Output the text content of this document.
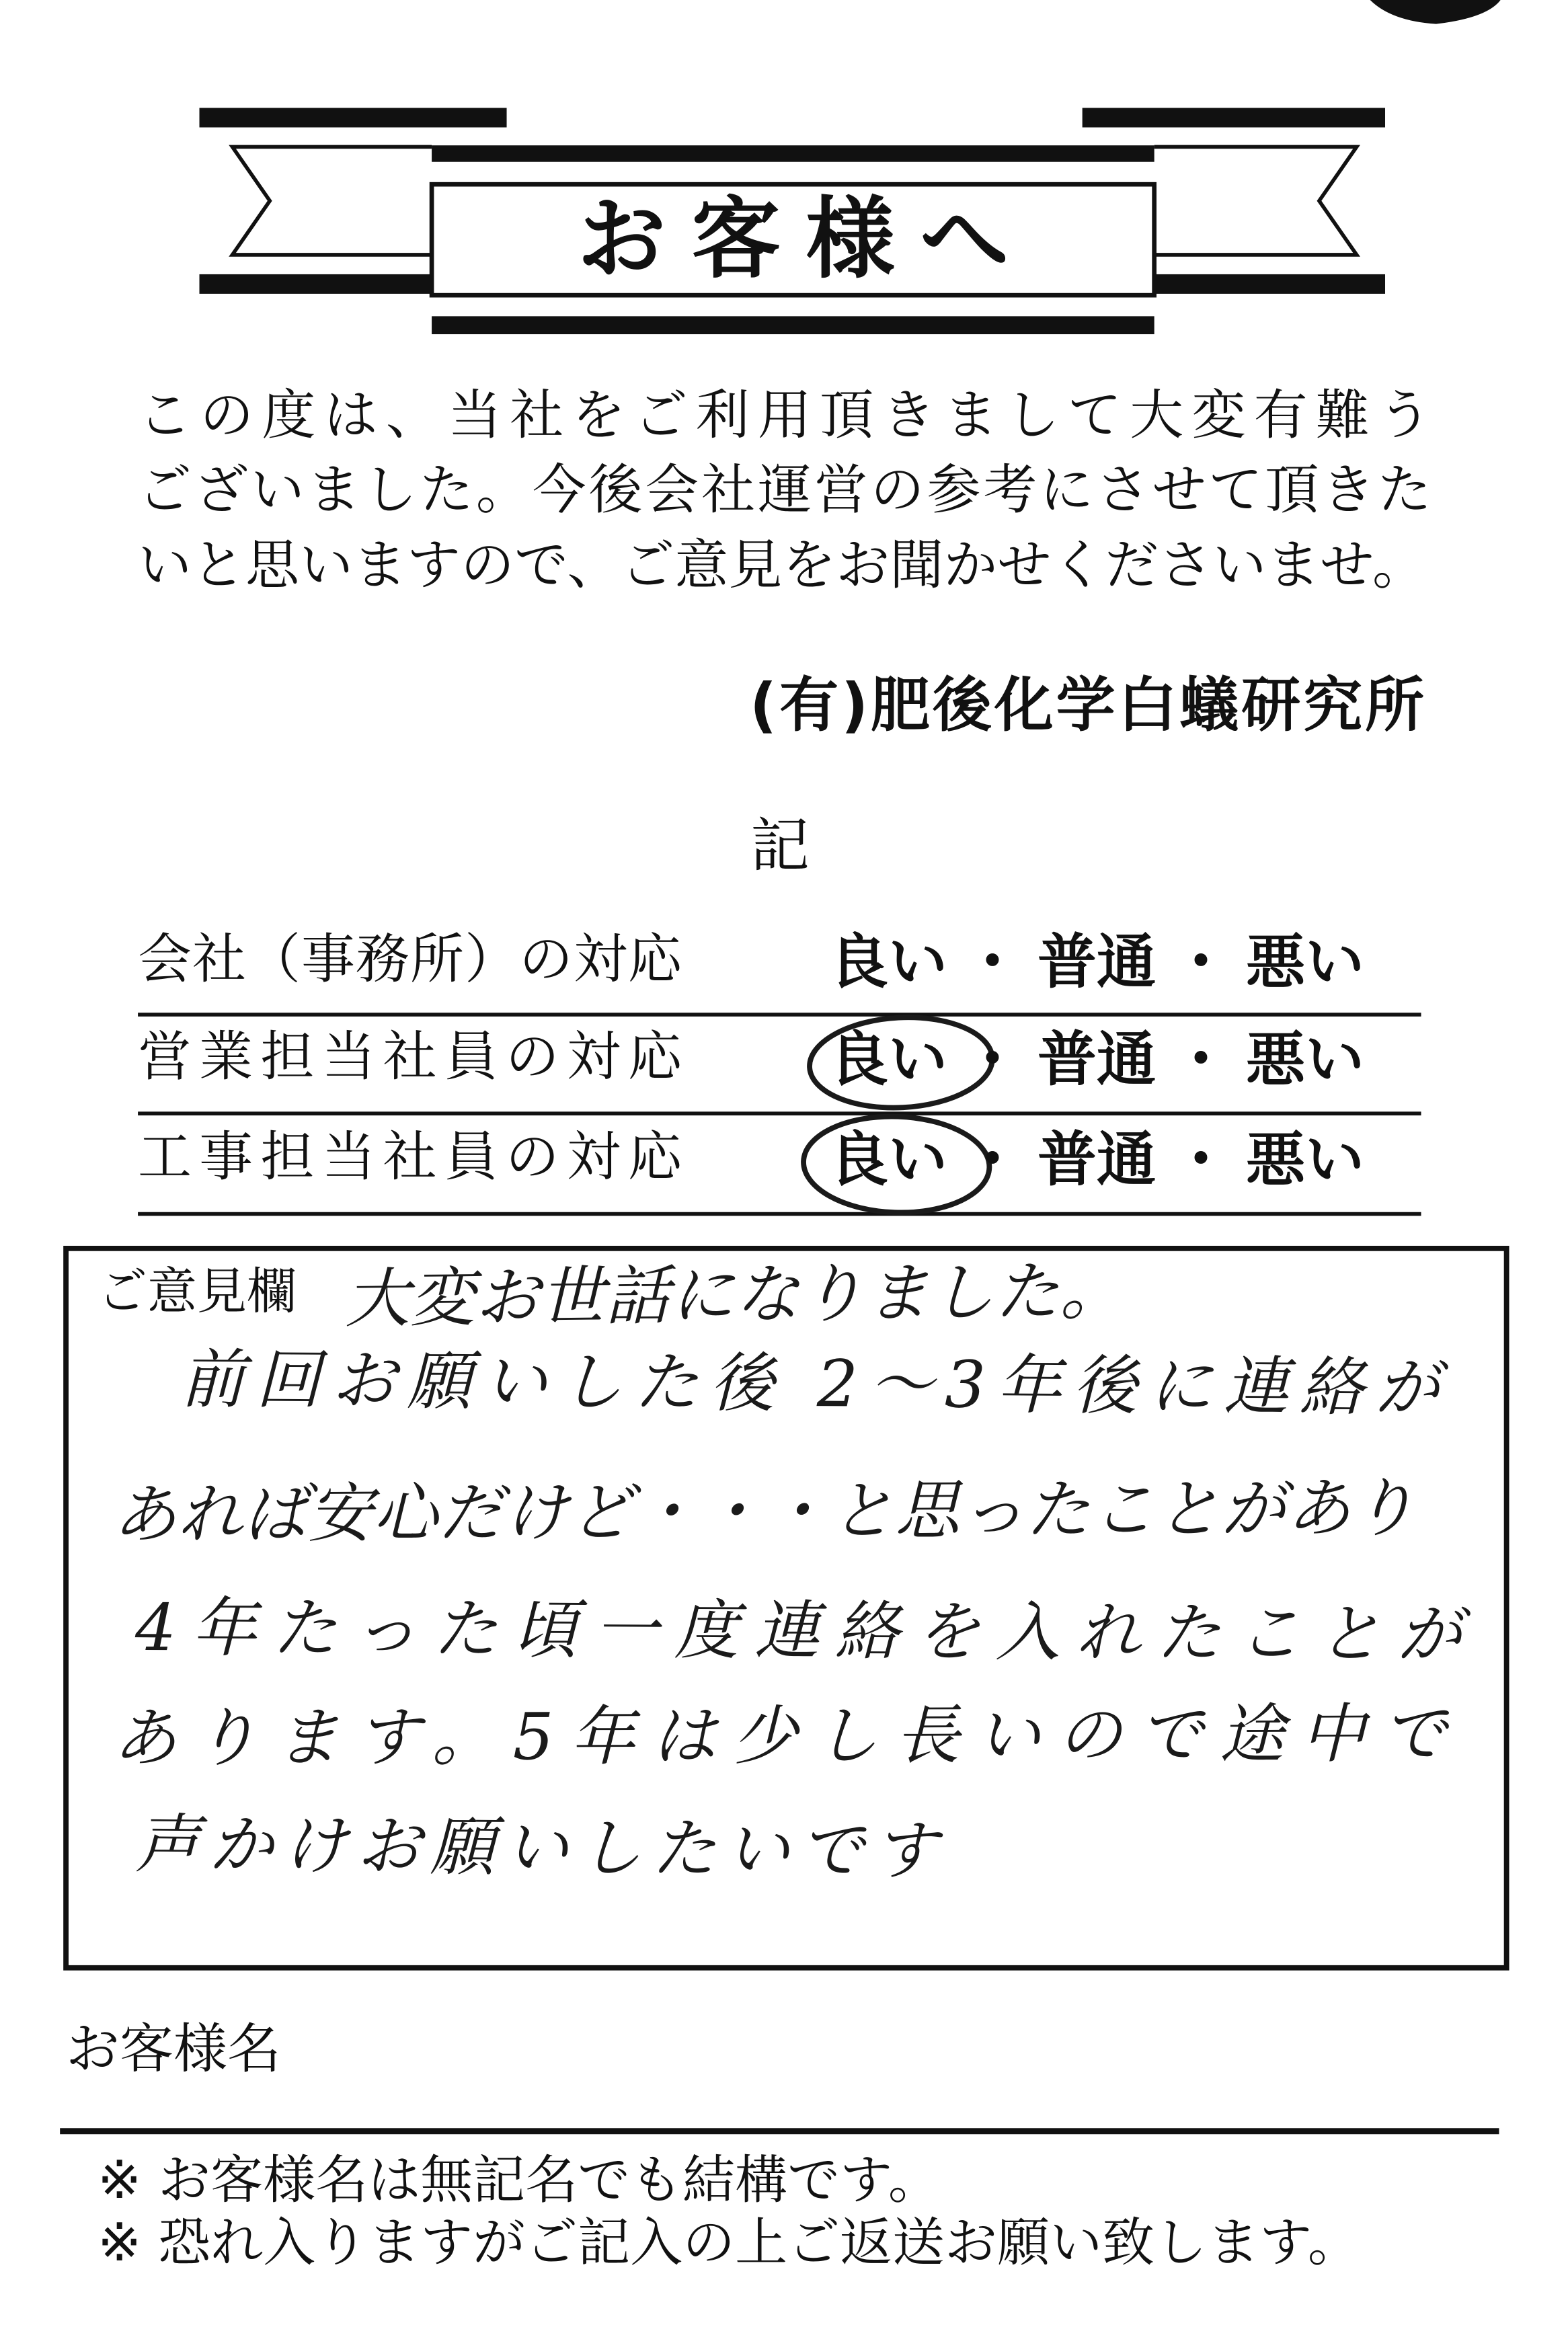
お客様へ
この度は、当社をご利用頂きまして大変有難う
ございました。今後会社運営の参考にさせて頂きた
いと思いますので、ご意見をお聞かせくださいませ。
(有)肥後化学白蟻研究所
記
会社（事務所）の対応 良い ・ 普通 ・ 悪い
営業担当社員の対応 良い ・ 普通 ・ 悪い
工事担当社員の対応 良い ・ 普通 ・ 悪い
ご意見欄 大変お世話になりました。
前回お願いした後 2～3年後に連絡が
あれば安心だけど・・・と思ったことがあり
4年たった頃一度連絡を入れたことが
あります。5年は少し長いので途中で
声かけお願いしたいです
お客様名
※ お客様名は無記名でも結構です。
※ 恐れ入りますがご記入の上ご返送お願い致します。
